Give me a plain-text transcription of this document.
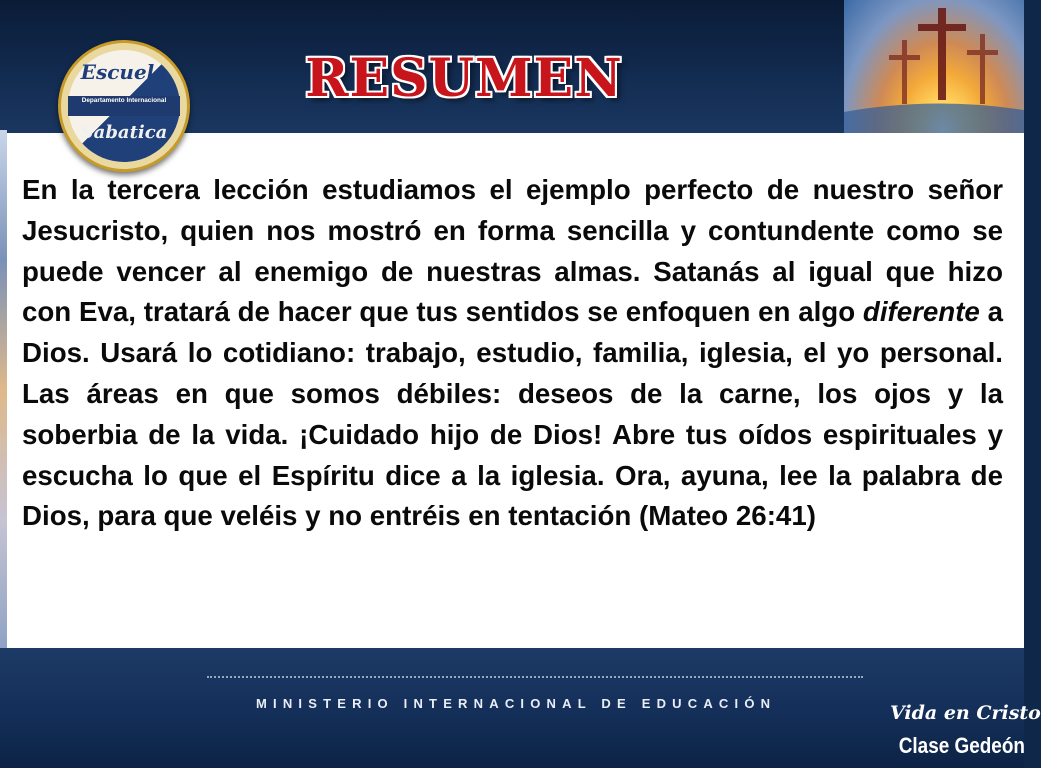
Escuela
Departamento Internacional
Sabatica
RESUMEN

En la tercera lección estudiamos el ejemplo perfecto de nuestro señor Jesucristo, quien nos mostró en forma sencilla y contundente como se puede vencer al enemigo de nuestras almas. Satanás al igual que hizo con Eva, tratará de hacer que tus sentidos se enfoquen en algo diferente a Dios. Usará lo cotidiano: trabajo, estudio, familia, iglesia, el yo personal. Las áreas en que somos débiles: deseos de la carne, los ojos y la soberbia de la vida. ¡Cuidado hijo de Dios! Abre tus oídos espirituales y escucha lo que el Espíritu dice a la iglesia. Ora, ayuna, lee la palabra de Dios, para que veléis y no entréis en tentación (Mateo 26:41)

MINISTERIO INTERNACIONAL DE EDUCACIÓN	Vida en Cristo
Clase Gedeón
